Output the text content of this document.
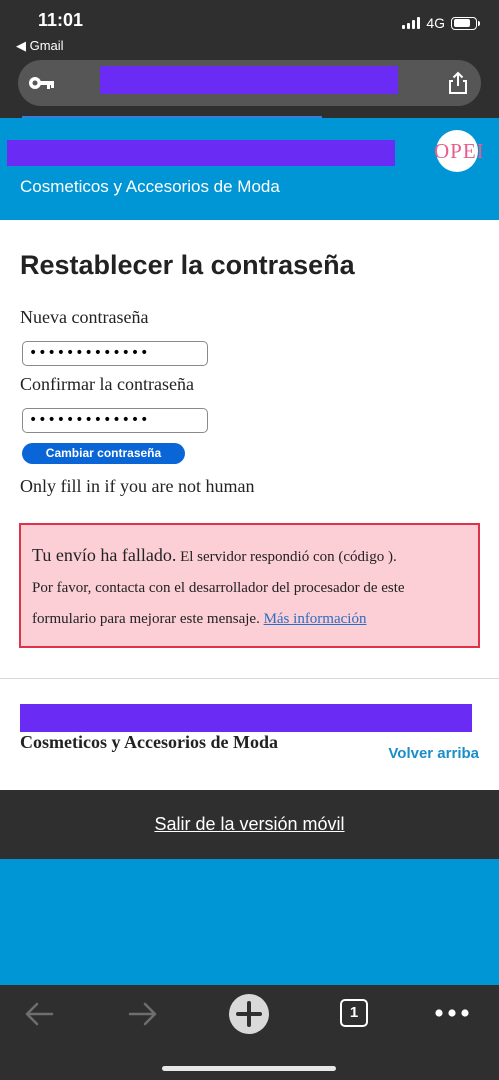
11:01
◀ Gmail
4G
Cosmeticos y Accesorios de Moda
OPEI
Restablecer la contraseña
Nueva contraseña
•••••••••••••
Confirmar la contraseña
•••••••••••••
Cambiar contraseña
Only fill in if you are not human
Tu envío ha fallado. El servidor respondió con (código ).
Por favor, contacta con el desarrollador del procesador de este
formulario para mejorar este mensaje. Más información
Cosmeticos y Accesorios de Moda
Volver arriba
Salir de la versión móvil
1
